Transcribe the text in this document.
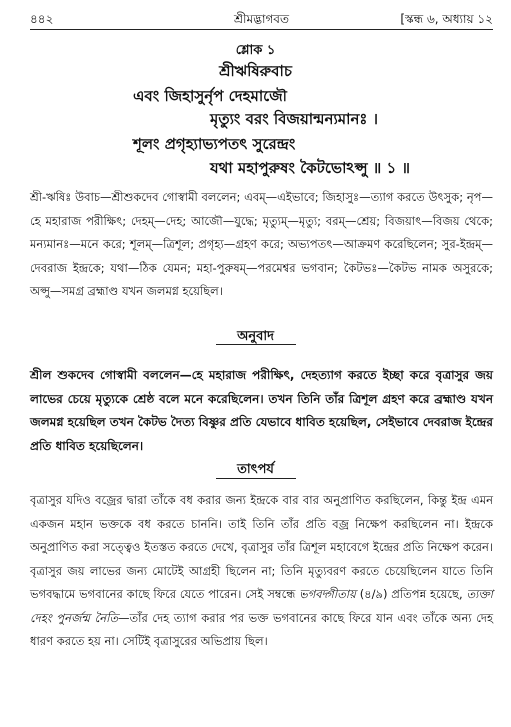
৪৪২	শ্রীমদ্ভাগবত	[স্কন্ধ ৬, অধ্যায় ১২
শ্লোক ১
শ্রীঋষিরুবাচ
এবং জিহাসুর্নৃপ দেহমাজৌ
মৃত্যুং বরং বিজয়ান্মন্যমানঃ ।
শূলং প্রগৃহ্যাভ্যপতৎ সুরেন্দ্রং
যথা মহাপুরুষং কৈটভোঽপ্সু ॥ ১ ॥
শ্রী-ঋষিঃ উবাচ—শ্রীশুকদেব গোস্বামী বললেন; এবম্—এইভাবে; জিহাসুঃ—ত্যাগ করতে উৎসুক; নৃপ—হে মহারাজ পরীক্ষিৎ; দেহম্—দেহ; আজৌ—যুদ্ধে; মৃত্যুম্—মৃত্যু; বরম্—শ্রেয়; বিজয়াৎ—বিজয় থেকে; মন্যমানঃ—মনে করে; শূলম্—ত্রিশূল; প্রগৃহ্য—গ্রহণ করে; অভ্যপতৎ—আক্রমণ করেছিলেন; সুর-ইন্দ্রম্—দেবরাজ ইন্দ্রকে; যথা—ঠিক যেমন; মহা-পুরুষম্—পরমেশ্বর ভগবান; কৈটভঃ—কৈটভ নামক অসুরকে; অপ্সু—সমগ্র ব্রহ্মাণ্ড যখন জলমগ্ন হয়েছিল।
অনুবাদ
শ্রীল শুকদেব গোস্বামী বললেন—হে মহারাজ পরীক্ষিৎ, দেহত্যাগ করতে ইচ্ছা করে বৃত্রাসুর জয় লাভের চেয়ে মৃত্যুকে শ্রেষ্ঠ বলে মনে করেছিলেন। তখন তিনি তাঁর ত্রিশূল গ্রহণ করে ব্রহ্মাণ্ড যখন জলমগ্ন হয়েছিল তখন কৈটভ দৈত্য বিষ্ণুর প্রতি যেভাবে ধাবিত হয়েছিল, সেইভাবে দেবরাজ ইন্দ্রের প্রতি ধাবিত হয়েছিলেন।
তাৎপর্য
বৃত্রাসুর যদিও বজ্রের দ্বারা তাঁকে বধ করার জন্য ইন্দ্রকে বার বার অনুপ্রাণিত করছিলেন, কিন্তু ইন্দ্র এমন একজন মহান ভক্তকে বধ করতে চাননি। তাই তিনি তাঁর প্রতি বজ্র নিক্ষেপ করছিলেন না। ইন্দ্রকে অনুপ্রাণিত করা সত্ত্বেও ইতস্তত করতে দেখে, বৃত্রাসুর তাঁর ত্রিশূল মহাবেগে ইন্দ্রের প্রতি নিক্ষেপ করেন। বৃত্রাসুর জয় লাভের জন্য মোটেই আগ্রহী ছিলেন না; তিনি মৃত্যুবরণ করতে চেয়েছিলেন যাতে তিনি ভগবদ্ধামে ভগবানের কাছে ফিরে যেতে পারেন। সেই সম্বন্ধে ভগবদ্গীতায় (৪/৯) প্রতিপন্ন হয়েছে, ত্যক্তা দেহং পুনর্জন্ম নৈতি—তাঁর দেহ ত্যাগ করার পর ভক্ত ভগবানের কাছে ফিরে যান এবং তাঁকে অন্য দেহ ধারণ করতে হয় না। সেটিই বৃত্রাসুরের অভিপ্রায় ছিল।
